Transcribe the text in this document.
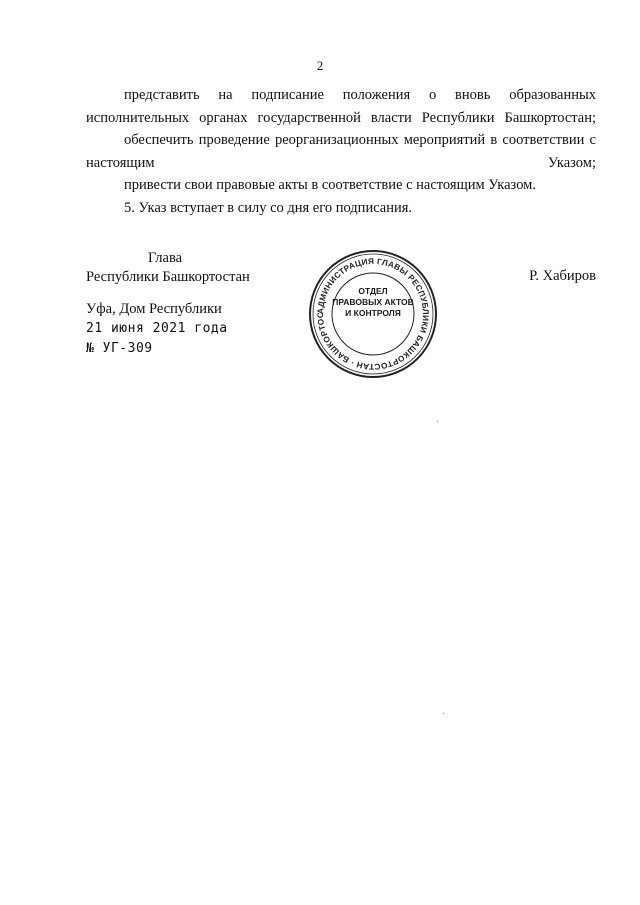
2

представить на подписание положения о вновь образованных исполнительных органах государственной власти Республики Башкортостан;

обеспечить проведение реорганизационных мероприятий в соответствии с настоящим Указом;

привести свои правовые акты в соответствие с настоящим Указом.

5. Указ вступает в силу со дня его подписания.

Глава
Республики Башкортостан	Р. Хабиров
Уфа, Дом Республики
21 июня 2021 года
№ УГ-309
АДМИНИСТРАЦИЯ ГЛАВЫ РЕСПУБЛИКИ БАШКОРТОСТАН · БАШКОРТОС
ОТДЕЛ
ПРАВОВЫХ АКТОВ
И КОНТРОЛЯ
